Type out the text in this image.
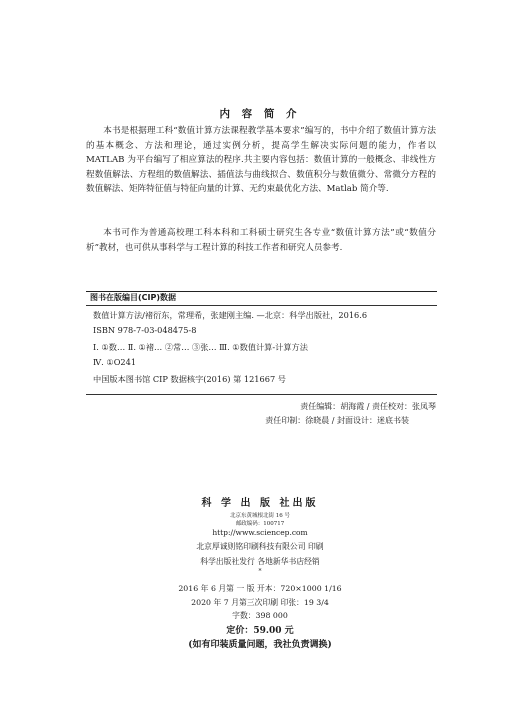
内 容 简 介

本书是根据理工科“数值计算方法课程教学基本要求”编写的，书中介绍了数值计算方法的基本概念、方法和理论，通过实例分析，提高学生解决实际问题的能力，作者以 MATLAB 为平台编写了相应算法的程序.共主要内容包括：数值计算的一般概念、非线性方程数值解法、方程组的数值解法、插值法与曲线拟合、数值积分与数值微分、常微分方程的数值解法、矩阵特征值与特征向量的计算、无约束最优化方法、Matlab 简介等.

本书可作为普通高校理工科本科和工科硕士研究生各专业“数值计算方法”或“数值分析”教材，也可供从事科学与工程计算的科技工作者和研究人员参考.

图书在版编目(CIP)数据
数值计算方法/褚衍东，常理希，张建刚主编. —北京：科学出版社，2016.6
ISBN 978-7-03-048475-8
Ⅰ. ①数… Ⅱ. ①褚… ②常… ③张… Ⅲ. ①数值计算-计算方法
Ⅳ. ①O241
中国版本图书馆 CIP 数据核字(2016) 第 121667 号
责任编辑：胡海霞 / 责任校对：张凤琴
责任印制：徐晓晨 / 封面设计：迷底书装
科 学 出 版 社出版
北京东黄城根北街 16 号
邮政编码：100717
http://www.sciencep.com
北京厚诚则铭印刷科技有限公司 印刷
科学出版社发行 各地新华书店经销
*
2016 年 6 月第 一 版 开本：720×1000 1/16
2020 年 7 月第三次印刷 印张：19 3/4
字数：398 000
定价：59.00 元
(如有印装质量问题，我社负责调换)
